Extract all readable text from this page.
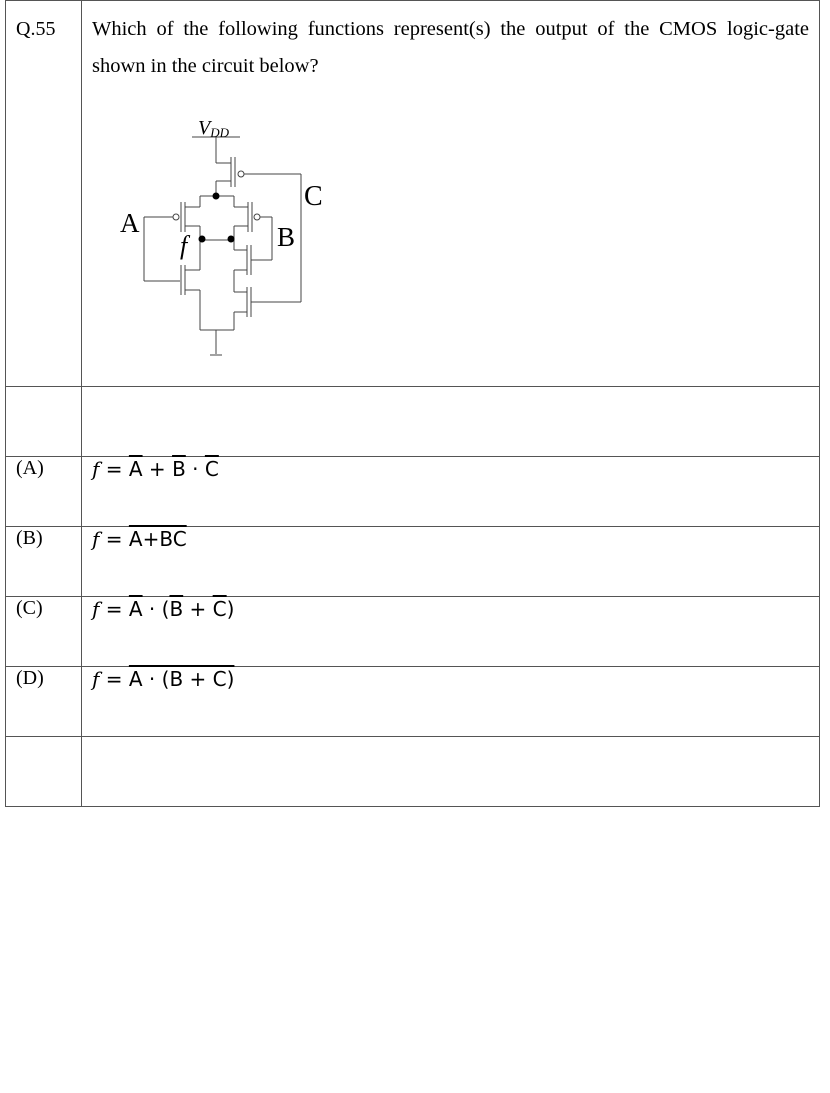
Q.55	Which of the following functions represent(s) the output of the CMOS logic-gate shown in the circuit below?

(A)	$f = \overline{A} + \overline{B} \cdot \overline{C}$
(B)	f = A+BC
(C)	$f = \overline{A} \cdot (\overline{B} + \overline{C})$
(D)	f = A · (B + C)

VDD
A	B
C
f
